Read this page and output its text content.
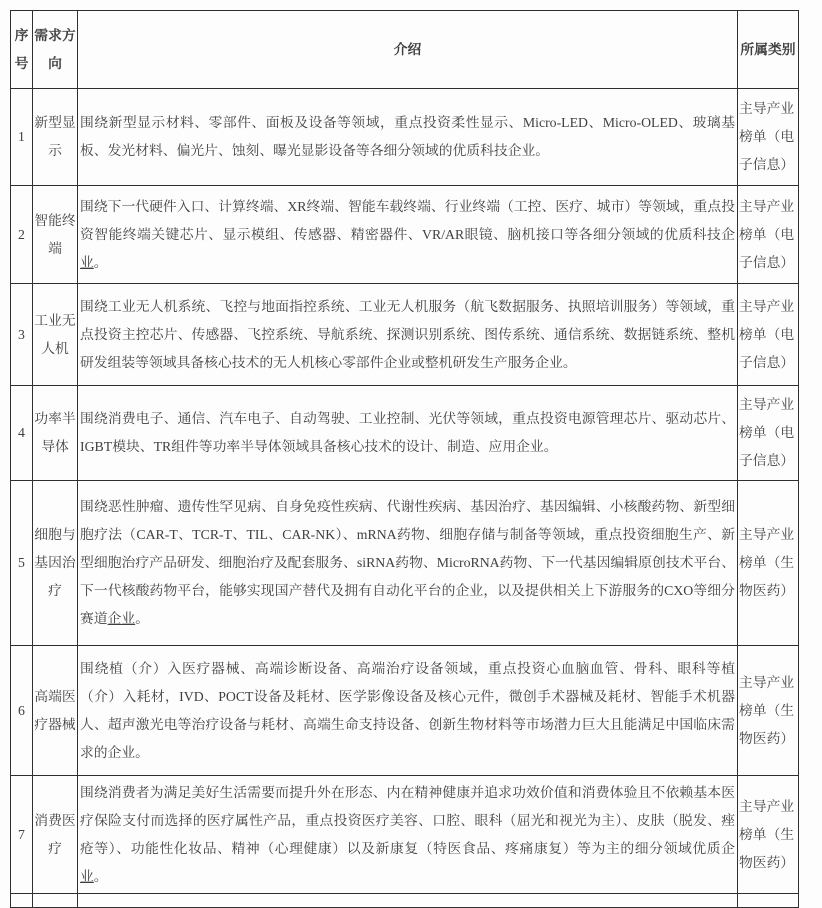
序号	需求方向	介绍	所属类别
1	新型显示	围绕新型显示材料、零部件、面板及设备等领域，重点投资柔性显示、Micro-LED、Micro-OLED、玻璃基板、发光材料、偏光片、蚀刻、曝光显影设备等各细分领域的优质科技企业。	主导产业榜单（电子信息）
2	智能终端	围绕下一代硬件入口、计算终端、XR终端、智能车载终端、行业终端（工控、医疗、城市）等领域，重点投资智能终端关键芯片、显示模组、传感器、精密器件、VR/AR眼镜、脑机接口等各细分领域的优质科技企业。	主导产业榜单（电子信息）
3	工业无人机	围绕工业无人机系统、飞控与地面指控系统、工业无人机服务（航飞数据服务、执照培训服务）等领域，重点投资主控芯片、传感器、飞控系统、导航系统、探测识别系统、图传系统、通信系统、数据链系统、整机研发组装等领域具备核心技术的无人机核心零部件企业或整机研发生产服务企业。	主导产业榜单（电子信息）
4	功率半导体	围绕消费电子、通信、汽车电子、自动驾驶、工业控制、光伏等领域，重点投资电源管理芯片、驱动芯片、IGBT模块、TR组件等功率半导体领域具备核心技术的设计、制造、应用企业。	主导产业榜单（电子信息）
5	细胞与基因治疗	围绕恶性肿瘤、遗传性罕见病、自身免疫性疾病、代谢性疾病、基因治疗、基因编辑、小核酸药物、新型细胞疗法（CAR-T、TCR-T、TIL、CAR-NK）、mRNA药物、细胞存储与制备等领域，重点投资细胞生产、新型细胞治疗产品研发、细胞治疗及配套服务、siRNA药物、MicroRNA药物、下一代基因编辑原创技术平台、下一代核酸药物平台，能够实现国产替代及拥有自动化平台的企业，以及提供相关上下游服务的CXO等细分赛道企业。	主导产业榜单（生物医药）
6	高端医疗器械	围绕植（介）入医疗器械、高端诊断设备、高端治疗设备领域，重点投资心血脑血管、骨科、眼科等植（介）入耗材，IVD、POCT设备及耗材、医学影像设备及核心元件，微创手术器械及耗材、智能手术机器人、超声激光电等治疗设备与耗材、高端生命支持设备、创新生物材料等市场潜力巨大且能满足中国临床需求的企业。	主导产业榜单（生物医药）
7	消费医疗	围绕消费者为满足美好生活需要而提升外在形态、内在精神健康并追求功效价值和消费体验且不依赖基本医疗保险支付而选择的医疗属性产品，重点投资医疗美容、口腔、眼科（屈光和视光为主）、皮肤（脱发、痤疮等）、功能性化妆品、精神（心理健康）以及新康复（特医食品、疼痛康复）等为主的细分领域优质企业。	主导产业榜单（生物医药）
